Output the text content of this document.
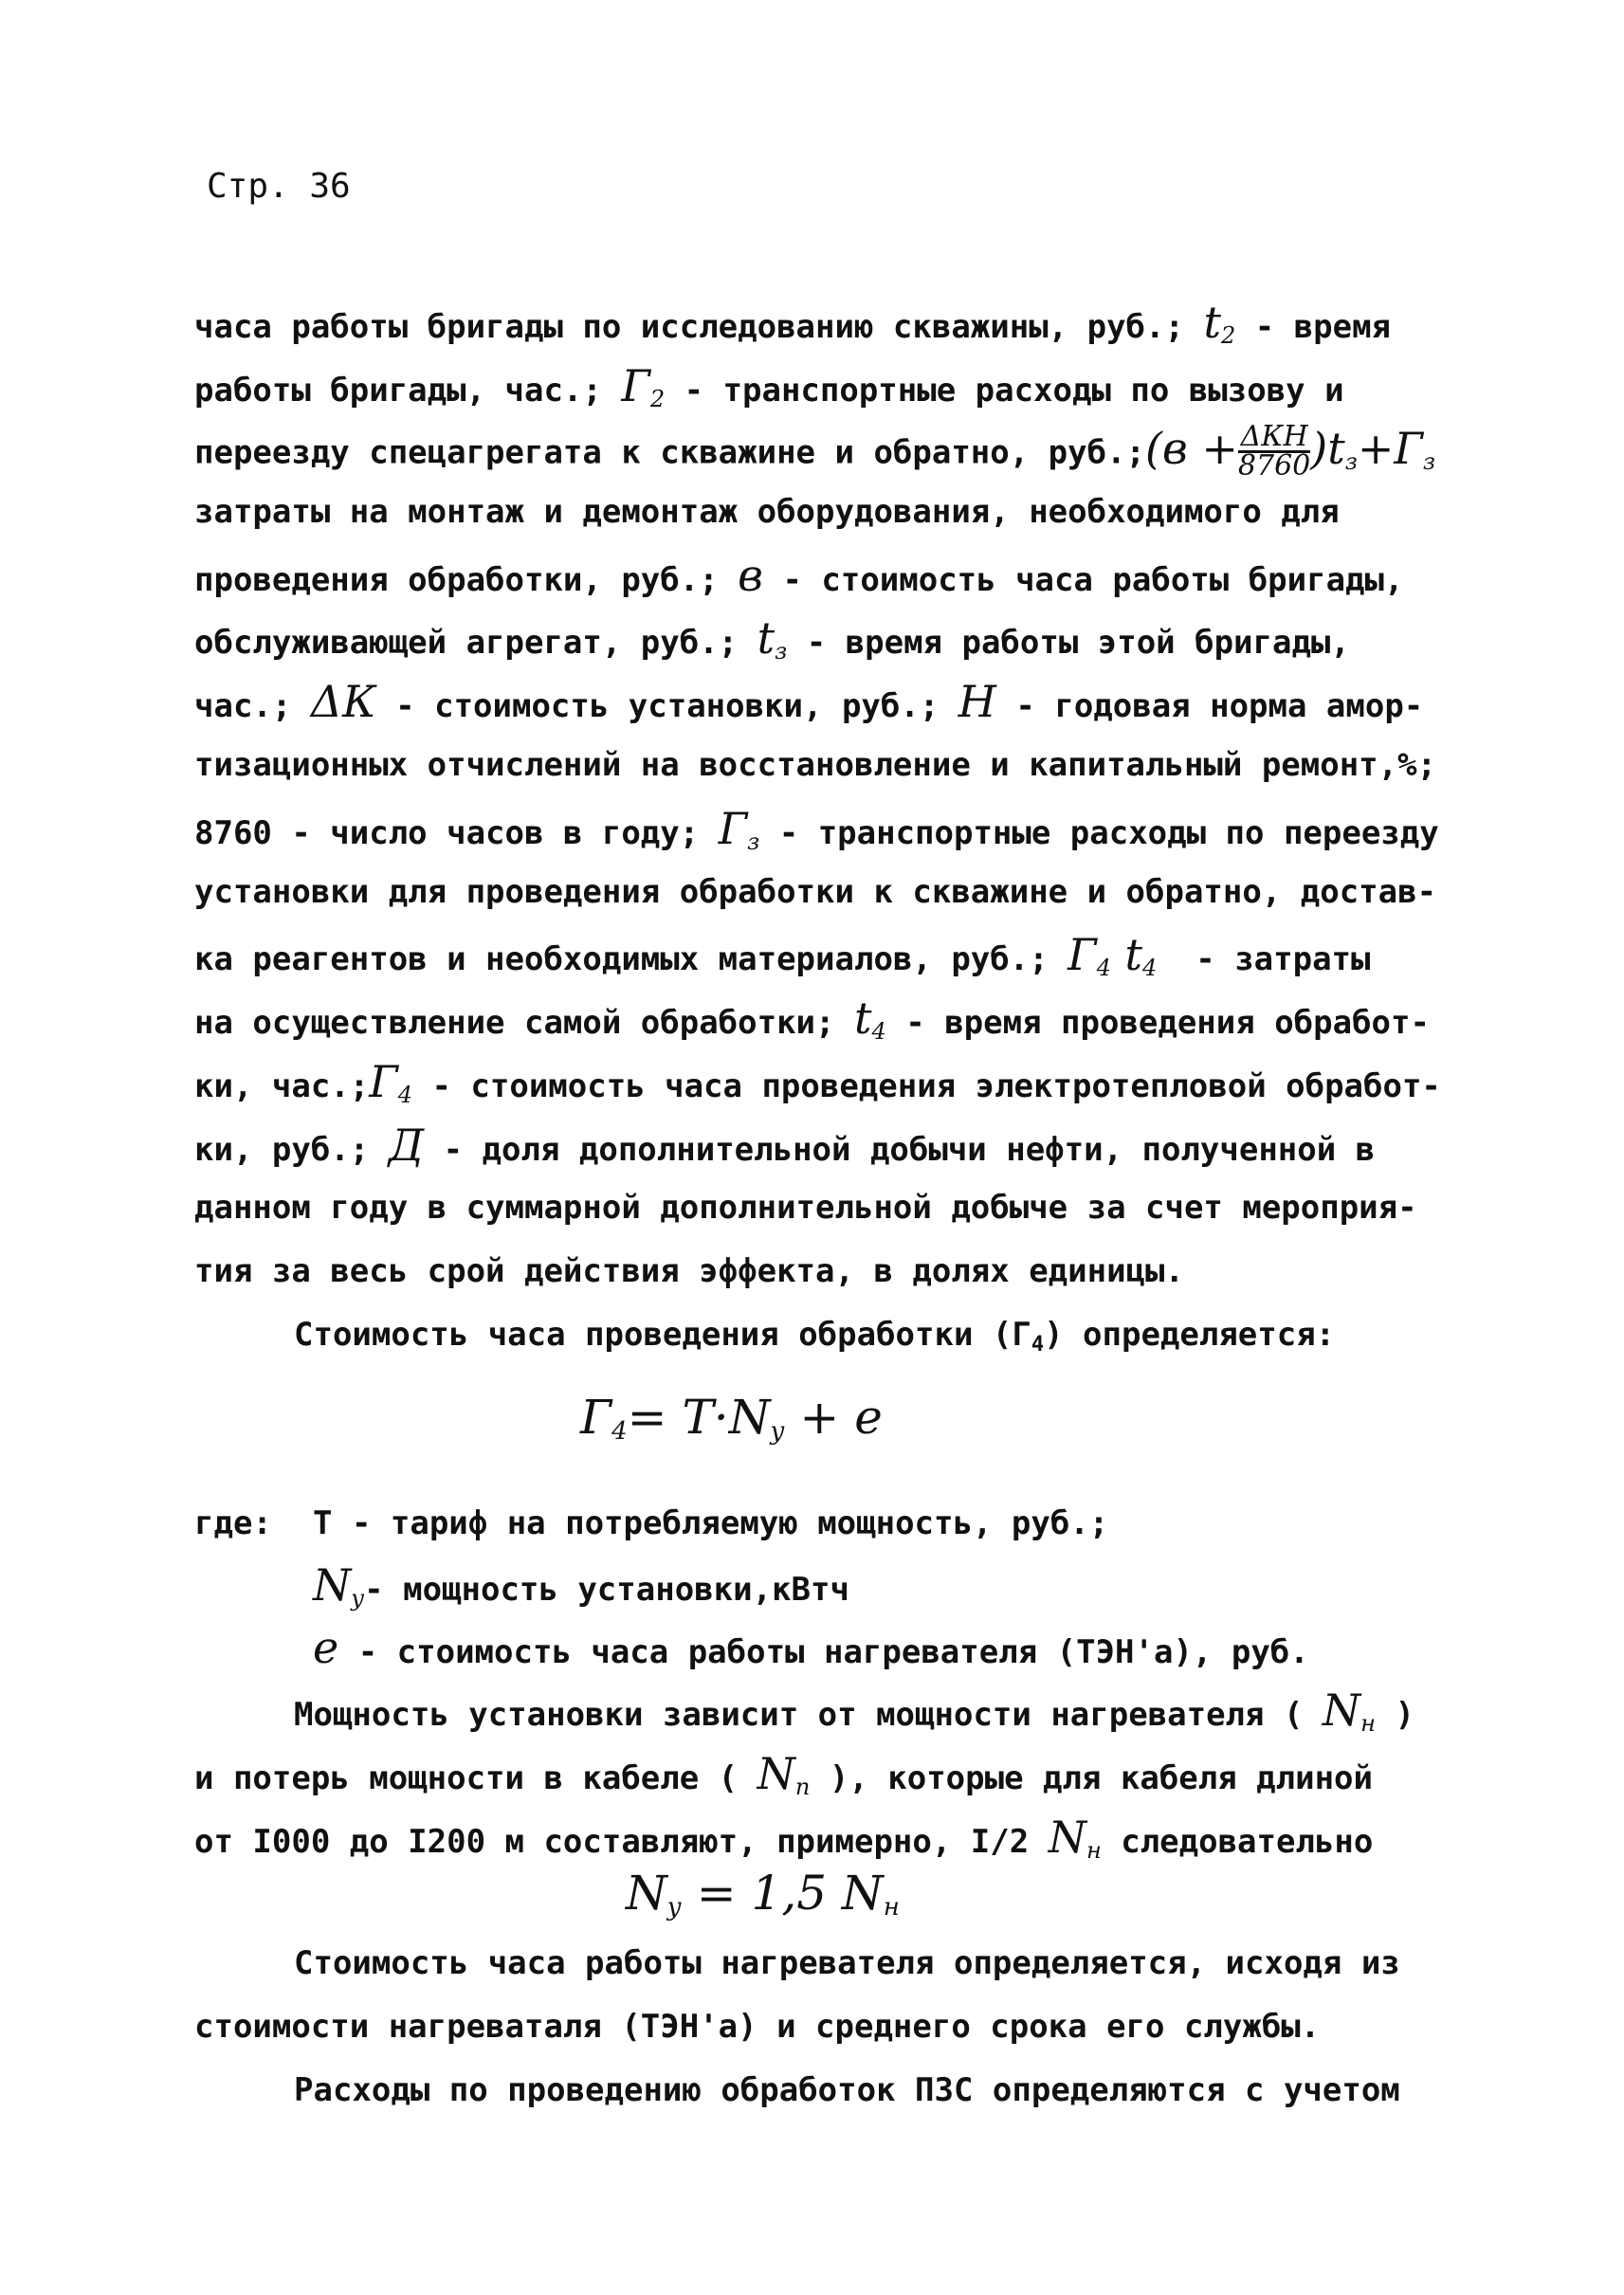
Стр. 36
часа работы бригады по исследованию скважины, руб.; $t_2$ - время
работы бригады, час.; $Г_2$ - транспортные расходы по вызову и
переезду спецагрегата к скважине и обратно, руб.;(в + $\frac{\text{ΔКН}}{8760} )t_з+Г_з$
затраты на монтаж и демонтаж оборудования, необходимого для
проведения обработки, руб.; в - стоимость часа работы бригады,
обслуживающей агрегат, руб.; $t_з$ - время работы этой бригады,
час.; ΔК - стоимость установки, руб.; Н - годовая норма амор-
тизационных отчислений на восстановление и капитальный ремонт,%;
8760 - число часов в году; $Г_з$ - транспортные расходы по переезду
установки для проведения обработки к скважине и обратно, достав-
ка реагентов и необходимых материалов, руб.; $Г_4$ $t_4$ - затраты
на осуществление самой обработки; $t_4$ - время проведения обработ-
ки, $час.;Г_4$ - стоимость часа проведения электротепловой обработ-
ки, руб.; Д - доля дополнительной добычи нефти, полученной в
данном году в суммарной дополнительной добыче за счет мероприя-
тия за весь срой действия эффекта, в долях единицы.
Стоимость часа проведения обработки $(Г_4)$ определяется:
$Г_4= Т\cdot N_у + е$
где: Т - тариф на потребляемую мощность, руб.;
$N_у-$ мощность установки,кВтч
е - стоимость часа работы нагревателя (ТЭН'а), руб.
Мощность установки зависит от мощности нагревателя ( $N_н$ )
и потерь мощности в кабеле ( $N_п$ ), которые для кабеля длиной
от I000 до I200 м составляют, примерно, I/2 $N_н$ следовательно
$N_у = 1,5$ $N_н$
Стоимость часа работы нагревателя определяется, исходя из
стоимости нагреваталя (ТЭН'а) и среднего срока его службы.
Расходы по проведению обработок ПЗС определяются с учетом
